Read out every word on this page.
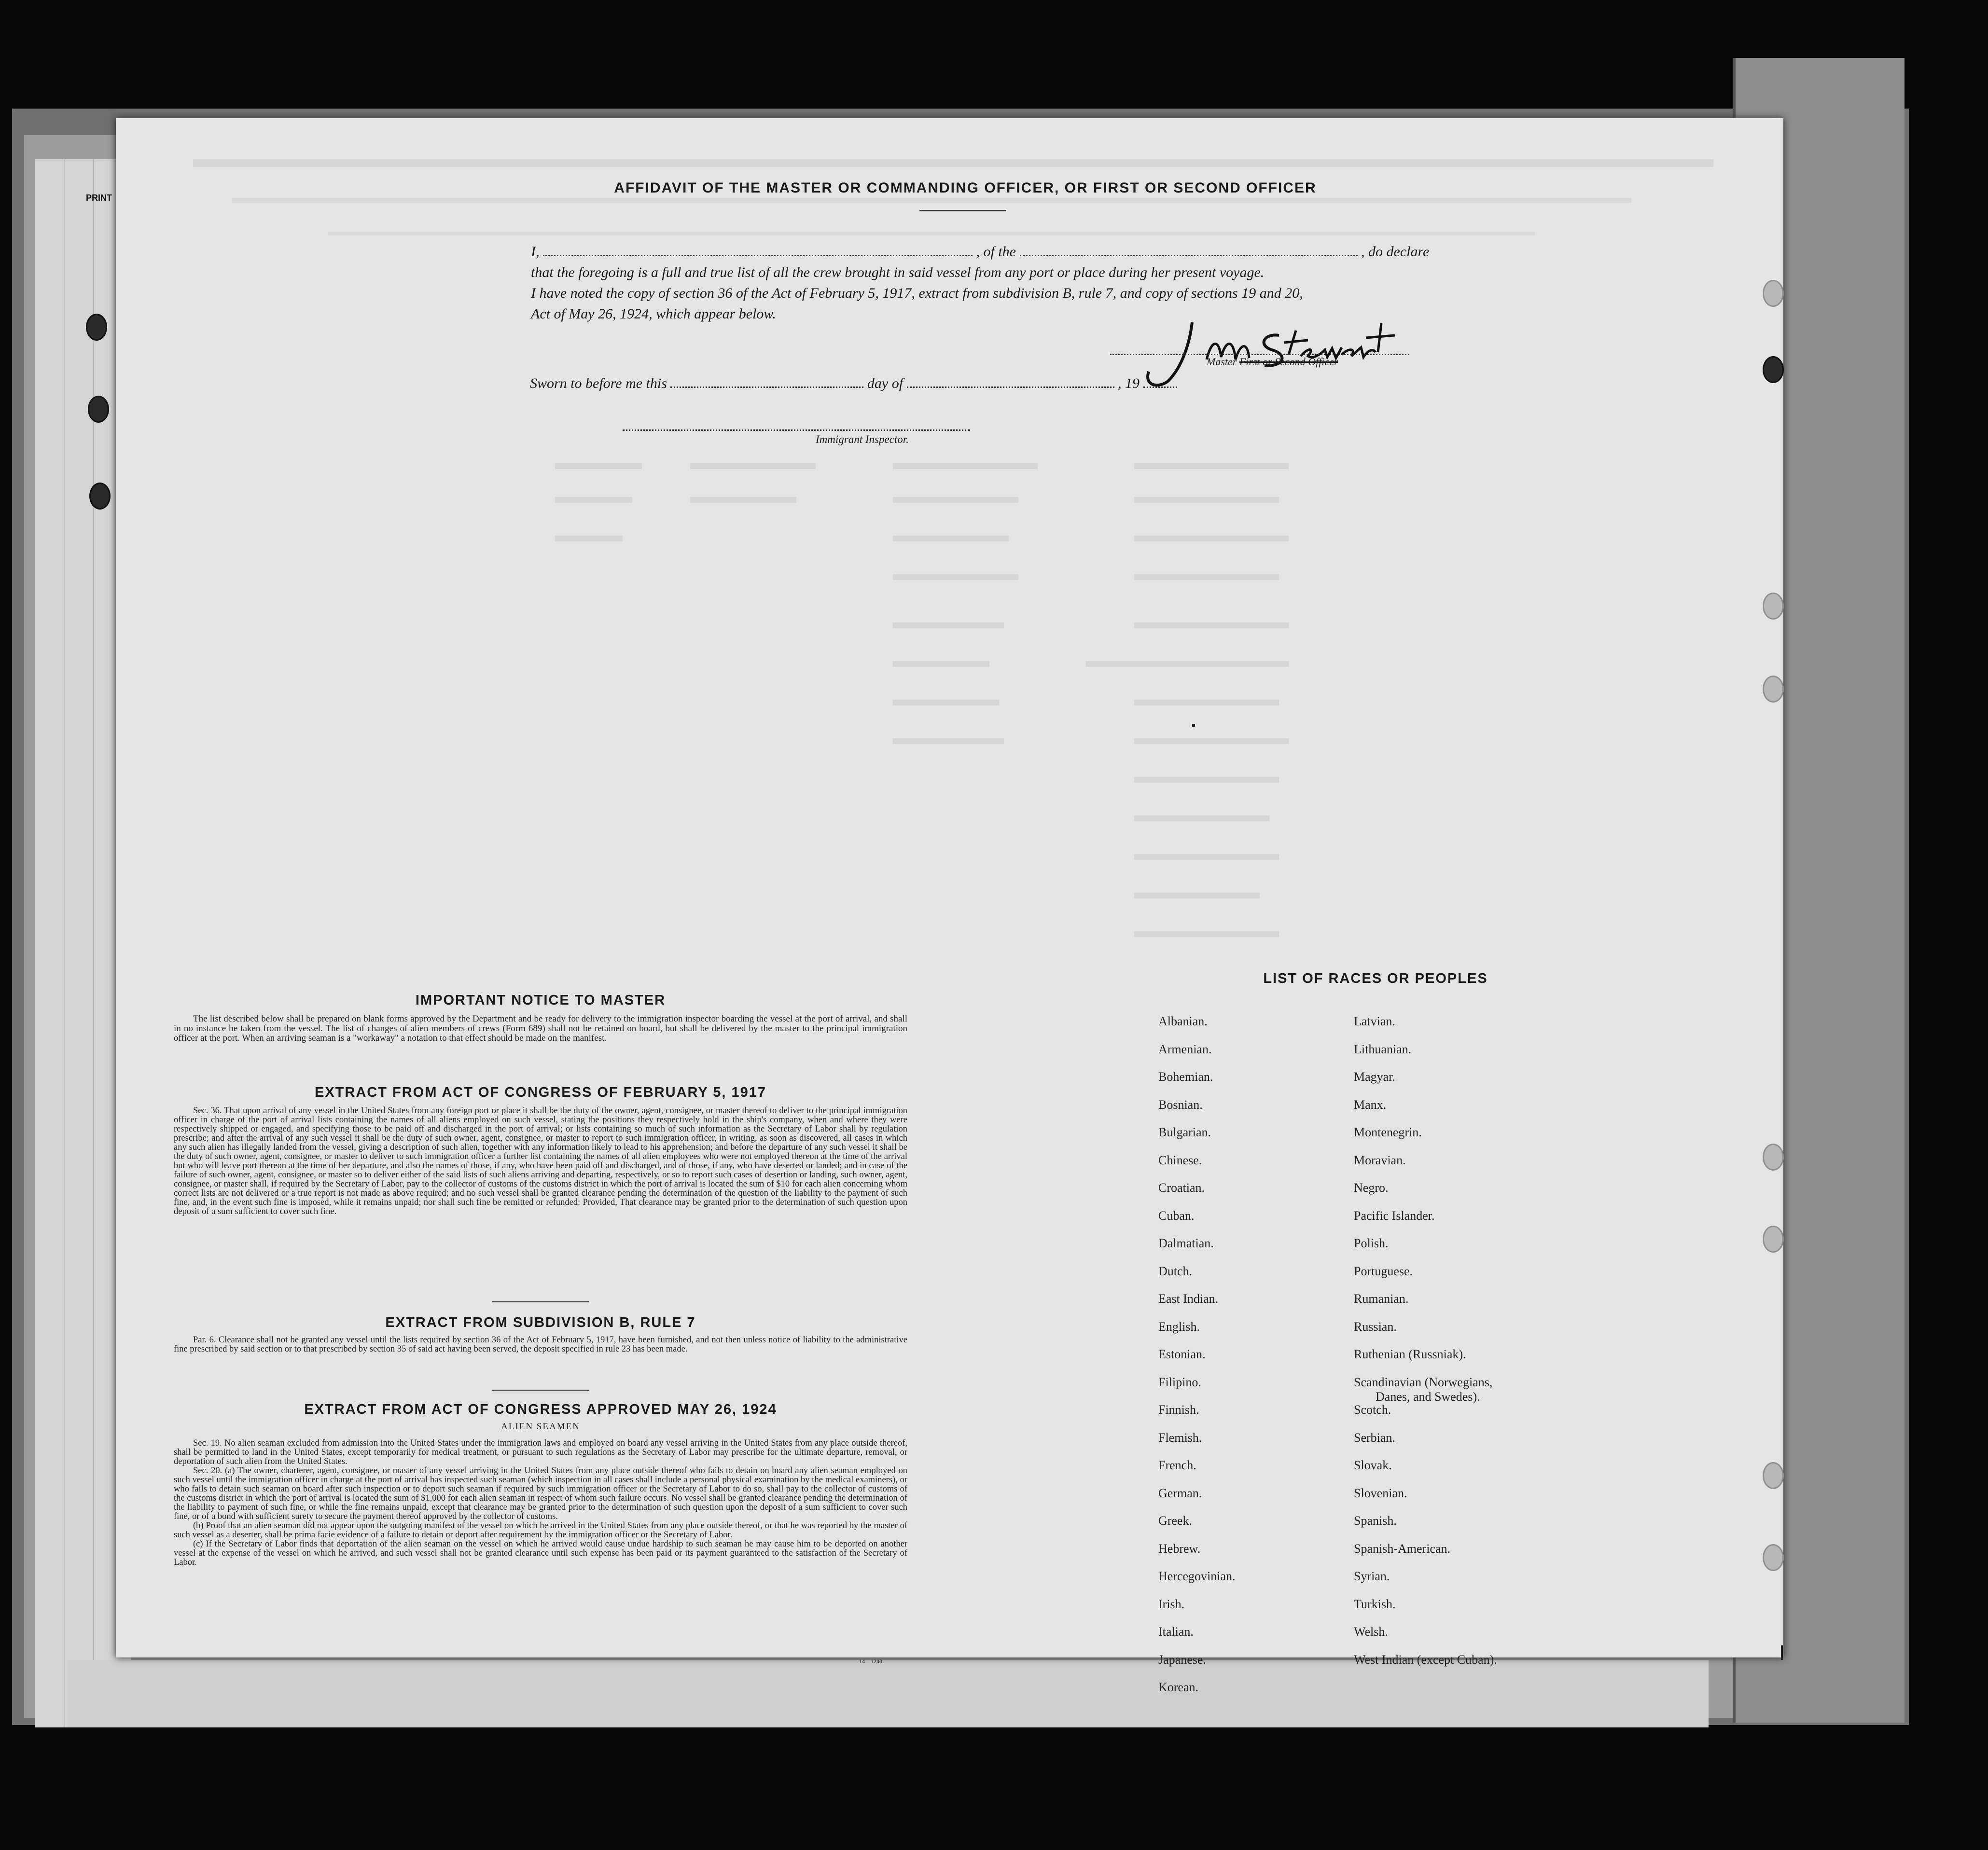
PRINT
AFFIDAVIT OF THE MASTER OR COMMANDING OFFICER, OR FIRST OR SECOND OFFICER
I,	, of the	, do declare
that the foregoing is a full and true list of all the crew brought in said vessel from any port or place during her present voyage.
I have noted the copy of section 36 of the Act of February 5, 1917, extract from subdivision B, rule 7, and copy of sections 19 and 20,
Act of May 26, 1924, which appear below.
Master First or Second Officer
Sworn to before me this	day of	, 19
Immigrant Inspector.
IMPORTANT NOTICE TO MASTER

The list described below shall be prepared on blank forms approved by the Department and be ready for delivery to the immigration inspector boarding the vessel at the port of arrival, and shall in no instance be taken from the vessel. The list of changes of alien members of crews (Form 689) shall not be retained on board, but shall be delivered by the master to the principal immigration officer at the port. When an arriving seaman is a "workaway" a notation to that effect should be made on the manifest.

EXTRACT FROM ACT OF CONGRESS OF FEBRUARY 5, 1917

Sec. 36. That upon arrival of any vessel in the United States from any foreign port or place it shall be the duty of the owner, agent, consignee, or master thereof to deliver to the principal immigration officer in charge of the port of arrival lists containing the names of all aliens employed on such vessel, stating the positions they respectively hold in the ship's company, when and where they were respectively shipped or engaged, and specifying those to be paid off and discharged in the port of arrival; or lists containing so much of such information as the Secretary of Labor shall by regulation prescribe; and after the arrival of any such vessel it shall be the duty of such owner, agent, consignee, or master to report to such immigration officer, in writing, as soon as discovered, all cases in which any such alien has illegally landed from the vessel, giving a description of such alien, together with any information likely to lead to his apprehension; and before the departure of any such vessel it shall be the duty of such owner, agent, consignee, or master to deliver to such immigration officer a further list containing the names of all alien employees who were not employed thereon at the time of the arrival but who will leave port thereon at the time of her departure, and also the names of those, if any, who have been paid off and discharged, and of those, if any, who have deserted or landed; and in case of the failure of such owner, agent, consignee, or master so to deliver either of the said lists of such aliens arriving and departing, respectively, or so to report such cases of desertion or landing, such owner, agent, consignee, or master shall, if required by the Secretary of Labor, pay to the collector of customs of the customs district in which the port of arrival is located the sum of $10 for each alien concerning whom correct lists are not delivered or a true report is not made as above required; and no such vessel shall be granted clearance pending the determination of the question of the liability to the payment of such fine, and, in the event such fine is imposed, while it remains unpaid; nor shall such fine be remitted or refunded: Provided, That clearance may be granted prior to the determination of such question upon deposit of a sum sufficient to cover such fine.

EXTRACT FROM SUBDIVISION B, RULE 7

Par. 6. Clearance shall not be granted any vessel until the lists required by section 36 of the Act of February 5, 1917, have been furnished, and not then unless notice of liability to the administrative fine prescribed by said section or to that prescribed by section 35 of said act having been served, the deposit specified in rule 23 has been made.

EXTRACT FROM ACT OF CONGRESS APPROVED MAY 26, 1924
ALIEN SEAMEN

Sec. 19. No alien seaman excluded from admission into the United States under the immigration laws and employed on board any vessel arriving in the United States from any place outside thereof, shall be permitted to land in the United States, except temporarily for medical treatment, or pursuant to such regulations as the Secretary of Labor may prescribe for the ultimate departure, removal, or deportation of such alien from the United States.

Sec. 20. (a) The owner, charterer, agent, consignee, or master of any vessel arriving in the United States from any place outside thereof who fails to detain on board any alien seaman employed on such vessel until the immigration officer in charge at the port of arrival has inspected such seaman (which inspection in all cases shall include a personal physical examination by the medical examiners), or who fails to detain such seaman on board after such inspection or to deport such seaman if required by such immigration officer or the Secretary of Labor to do so, shall pay to the collector of customs of the customs district in which the port of arrival is located the sum of $1,000 for each alien seaman in respect of whom such failure occurs. No vessel shall be granted clearance pending the determination of the liability to payment of such fine, or while the fine remains unpaid, except that clearance may be granted prior to the determination of such question upon the deposit of a sum sufficient to cover such fine, or of a bond with sufficient surety to secure the payment thereof approved by the collector of customs.

(b) Proof that an alien seaman did not appear upon the outgoing manifest of the vessel on which he arrived in the United States from any place outside thereof, or that he was reported by the master of such vessel as a deserter, shall be prima facie evidence of a failure to detain or deport after requirement by the immigration officer or the Secretary of Labor.

(c) If the Secretary of Labor finds that deportation of the alien seaman on the vessel on which he arrived would cause undue hardship to such seaman he may cause him to be deported on another vessel at the expense of the vessel on which he arrived, and such vessel shall not be granted clearance until such expense has been paid or its payment guaranteed to the satisfaction of the Secretary of Labor.

14—1240
LIST OF RACES OR PEOPLES
Albanian.
Armenian.
Bohemian.
Bosnian.
Bulgarian.
Chinese.
Croatian.
Cuban.
Dalmatian.
Dutch.
East Indian.
English.
Estonian.
Filipino.
Finnish.
Flemish.
French.
German.
Greek.
Hebrew.
Hercegovinian.
Irish.
Italian.
Japanese.
Korean.
Latvian.
Lithuanian.
Magyar.
Manx.
Montenegrin.
Moravian.
Negro.
Pacific Islander.
Polish.
Portuguese.
Rumanian.
Russian.
Ruthenian (Russniak).
Scandinavian (Norwegians,
Danes, and Swedes).
Scotch.
Serbian.
Slovak.
Slovenian.
Spanish.
Spanish-American.
Syrian.
Turkish.
Welsh.
West Indian (except Cuban).
